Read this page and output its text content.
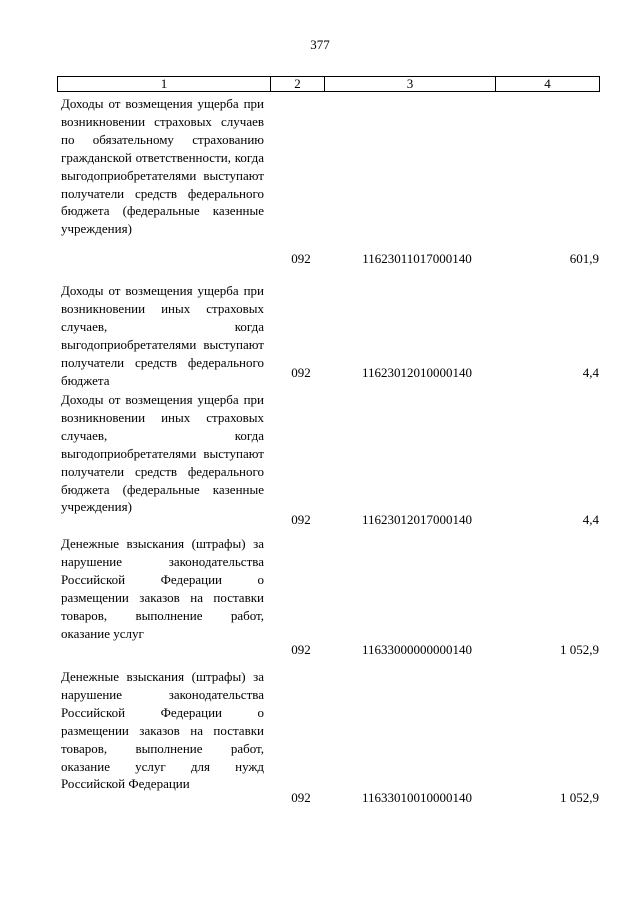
377
1	2	3	4
Доходы от возмещения ущерба при возникновении страховых случаев по обязательному страхованию гражданской ответственности, когда выгодоприобретателями выступают получатели средств федерального бюджета (федеральные казенные учреждения)
092	11623011017000140	601,9
Доходы от возмещения ущерба при возникновении иных страховых случаев, когда выгодоприобретателями выступают получатели средств федерального бюджета
092	11623012010000140	4,4
Доходы от возмещения ущерба при возникновении иных страховых случаев, когда выгодоприобретателями выступают получатели средств федерального бюджета (федеральные казенные учреждения)
092	11623012017000140	4,4
Денежные взыскания (штрафы) за нарушение законодательства Российской Федерации о размещении заказов на поставки товаров, выполнение работ, оказание услуг
092	11633000000000140	1 052,9
Денежные взыскания (штрафы) за нарушение законодательства Российской Федерации о размещении заказов на поставки товаров, выполнение работ, оказание услуг для нужд Российской Федерации
092	11633010010000140	1 052,9
